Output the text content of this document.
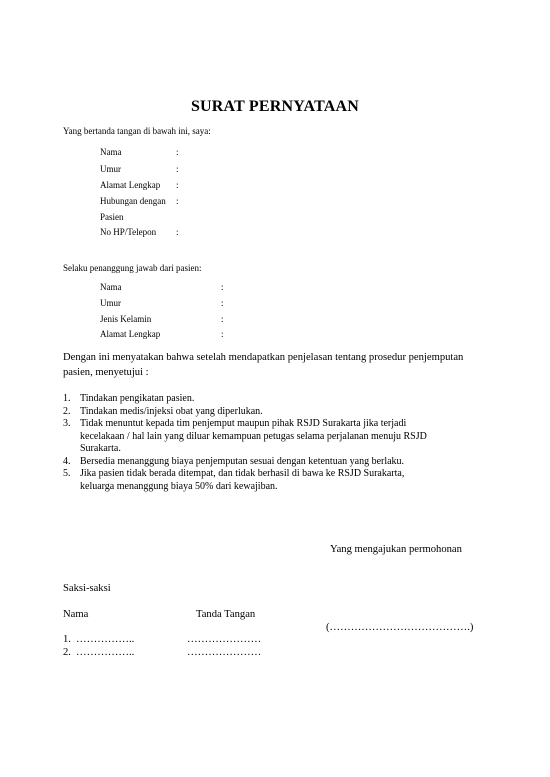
SURAT PERNYATAAN
Yang bertanda tangan di bawah ini, saya:
Nama	:
Umur	:
Alamat Lengkap :
Hubungan dengan :
Pasien
No HP/Telepon :
Selaku penanggung jawab dari pasien:
Nama	:
Umur	:
Jenis Kelamin	:
Alamat Lengkap	:
Dengan ini menyatakan bahwa setelah mendapatkan penjelasan tentang prosedur penjemputan
pasien, menyetujui :
1. Tindakan pengikatan pasien.
2. Tindakan medis/injeksi obat yang diperlukan.
3. Tidak menuntut kepada tim penjemput maupun pihak RSJD Surakarta jika terjadi
kecelakaan / hal lain yang diluar kemampuan petugas selama perjalanan menuju RSJD
Surakarta.
4. Bersedia menanggung biaya penjemputan sesuai dengan ketentuan yang berlaku.
5. Jika pasien tidak berada ditempat, dan tidak berhasil di bawa ke RSJD Surakarta,
keluarga menanggung biaya 50% dari kewajiban.
Yang mengajukan permohonan
Saksi-saksi
Nama	Tanda Tangan
(………………………………….)
1. ……………..	…………………
2. ……………..	…………………
